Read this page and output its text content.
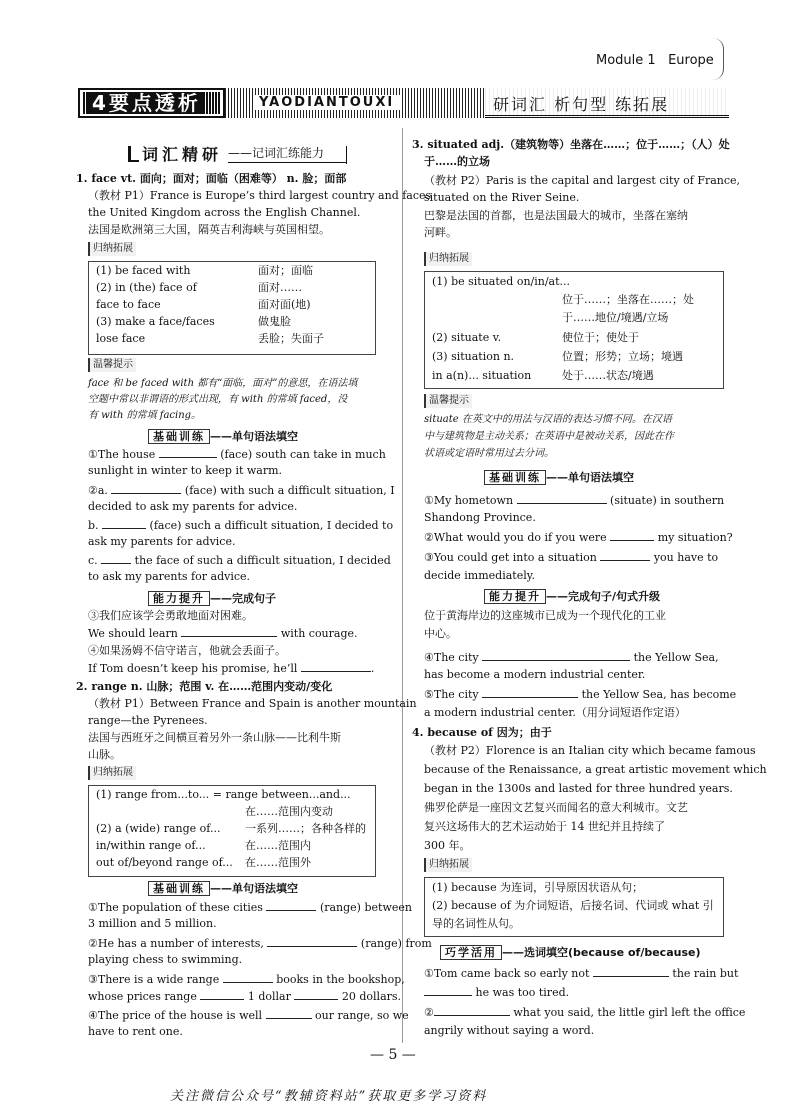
Module 1 Europe
4要点透析	YAODIANTOUXI	研词汇 析句型 练拓展
词汇精研 ——记词汇练能力
1. face vt. 面向；面对；面临（困难等） n. 脸；面部
（教材 P1）France is Europe’s third largest country and faces
the United Kingdom across the English Channel.
法国是欧洲第三大国，隔英吉利海峡与英国相望。
归纳拓展
(1) be faced with	面对；面临
(2) in (the) face of	面对……
face to face	面对面(地)
(3) make a face/faces	做鬼脸
lose face	丢脸；失面子
温馨提示
face 和 be faced with 都有“面临，面对”的意思，在语法填
空题中常以非谓语的形式出现，有 with 的常填 faced，没
有 with 的常填 facing。
基础训练 ——单句语法填空
①The house	(face) south can take in much
sunlight in winter to keep it warm.
②a.	(face) with such a difficult situation, I
decided to ask my parents for advice.
b.	(face) such a difficult situation, I decided to
ask my parents for advice.
c.	the face of such a difficult situation, I decided
to ask my parents for advice.
能力提升 ——完成句子
③我们应该学会勇敢地面对困难。
We should learn	with courage.
④如果汤姆不信守诺言，他就会丢面子。
If Tom doesn’t keep his promise, he’ll	.
2. range n. 山脉；范围 v. 在……范围内变动/变化
（教材 P1）Between France and Spain is another mountain
range—the Pyrenees.
法国与西班牙之间横亘着另外一条山脉——比利牛斯
山脉。
归纳拓展
(1) range from...to... = range between...and...
在……范围内变动
(2) a (wide) range of... 一系列……；各种各样的
in/within range of...	在……范围内
out of/beyond range of... 在……范围外
基础训练 ——单句语法填空
①The population of these cities	(range) between
3 million and 5 million.
②He has a number of interests,	(range) from
playing chess to swimming.
③There is a wide range	books in the bookshop,
whose prices range	1 dollar	20 dollars.
④The price of the house is well	our range, so we
have to rent one.
3. situated adj.（建筑物等）坐落在……；位于……；（人）处
于……的立场
（教材 P2）Paris is the capital and largest city of France,
situated on the River Seine.
巴黎是法国的首都，也是法国最大的城市，坐落在塞纳
河畔。
归纳拓展
(1) be situated on/in/at...
位于……；坐落在……；处
于……地位/境遇/立场
(2) situate v.	使位于；使处于
(3) situation n.	位置；形势；立场；境遇
in a(n)... situation	处于……状态/境遇
温馨提示
situate 在英文中的用法与汉语的表达习惯不同。在汉语
中与建筑物是主动关系；在英语中是被动关系，因此在作
状语或定语时常用过去分词。
基础训练 ——单句语法填空
①My hometown	(situate) in southern
Shandong Province.
②What would you do if you were	my situation?
③You could get into a situation	you have to
decide immediately.
能力提升 ——完成句子/句式升级
位于黄海岸边的这座城市已成为一个现代化的工业
中心。
④The city	the Yellow Sea,
has become a modern industrial center.
⑤The city	the Yellow Sea, has become
a modern industrial center.（用分词短语作定语）
4. because of 因为；由于
（教材 P2）Florence is an Italian city which became famous
because of the Renaissance, a great artistic movement which
began in the 1300s and lasted for three hundred years.
佛罗伦萨是一座因文艺复兴而闻名的意大利城市。文艺
复兴这场伟大的艺术运动始于 14 世纪并且持续了
300 年。
归纳拓展
(1) because 为连词，引导原因状语从句；
(2) because of 为介词短语，后接名词、代词或 what 引
导的名词性从句。
巧学活用 ——选词填空(because of/because)
①Tom came back so early not	the rain but
he was too tired.
②	what you said, the little girl left the office
angrily without saying a word.
— 5 —
关注微信公众号“教辅资料站”获取更多学习资料
